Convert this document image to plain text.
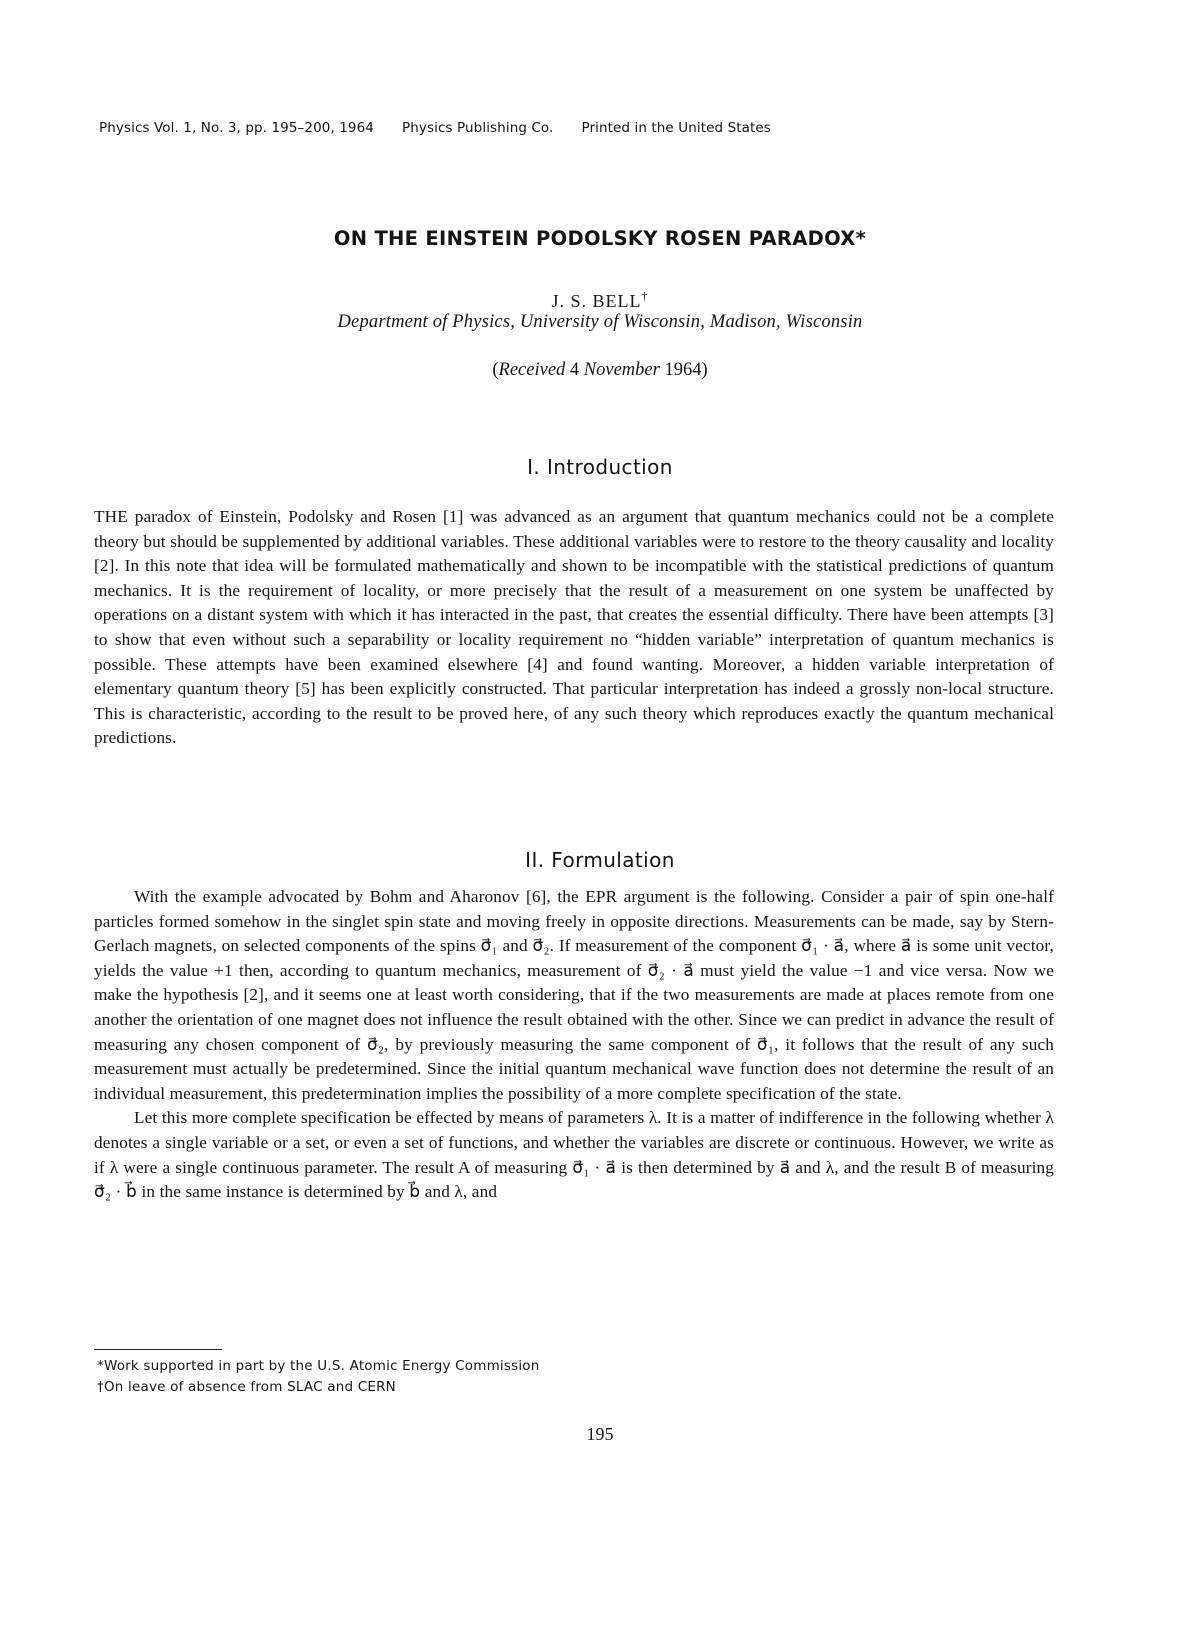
Physics Vol. 1, No. 3, pp. 195–200, 1964 Physics Publishing Co. Printed in the United States
ON THE EINSTEIN PODOLSKY ROSEN PARADOX*
J. S. BELL†
Department of Physics, University of Wisconsin, Madison, Wisconsin
(Received 4 November 1964)
I. Introduction

THE paradox of Einstein, Podolsky and Rosen [1] was advanced as an argument that quantum mechanics could not be a complete theory but should be supplemented by additional variables. These additional variables were to restore to the theory causality and locality [2]. In this note that idea will be formulated mathematically and shown to be incompatible with the statistical predictions of quantum mechanics. It is the requirement of locality, or more precisely that the result of a measurement on one system be unaffected by operations on a distant system with which it has interacted in the past, that creates the essential difficulty. There have been attempts [3] to show that even without such a separability or locality requirement no “hidden variable” interpretation of quantum mechanics is possible. These attempts have been examined elsewhere [4] and found wanting. Moreover, a hidden variable interpretation of elementary quantum theory [5] has been explicitly constructed. That particular interpretation has indeed a grossly non-local structure. This is characteristic, according to the result to be proved here, of any such theory which reproduces exactly the quantum mechanical predictions.

II. Formulation

With the example advocated by Bohm and Aharonov [6], the EPR argument is the following. Consider a pair of spin one-half particles formed somehow in the singlet spin state and moving freely in opposite directions. Measurements can be made, say by Stern-Gerlach magnets, on selected components of the spins σ⃗₁ and σ⃗₂. If measurement of the component σ⃗₁ · a⃗, where a⃗ is some unit vector, yields the value +1 then, according to quantum mechanics, measurement of σ⃗₂ · a⃗ must yield the value −1 and vice versa. Now we make the hypothesis [2], and it seems one at least worth considering, that if the two measurements are made at places remote from one another the orientation of one magnet does not influence the result obtained with the other. Since we can predict in advance the result of measuring any chosen component of σ⃗₂, by previously measuring the same component of σ⃗₁, it follows that the result of any such measurement must actually be predetermined. Since the initial quantum mechanical wave function does not determine the result of an individual measurement, this predetermination implies the possibility of a more complete specification of the state.

Let this more complete specification be effected by means of parameters λ. It is a matter of indifference in the following whether λ denotes a single variable or a set, or even a set of functions, and whether the variables are discrete or continuous. However, we write as if λ were a single continuous parameter. The result A of measuring σ⃗₁ · a⃗ is then determined by a⃗ and λ, and the result B of measuring σ⃗₂ · b⃗ in the same instance is determined by b⃗ and λ, and

*Work supported in part by the U.S. Atomic Energy Commission
†On leave of absence from SLAC and CERN
195
